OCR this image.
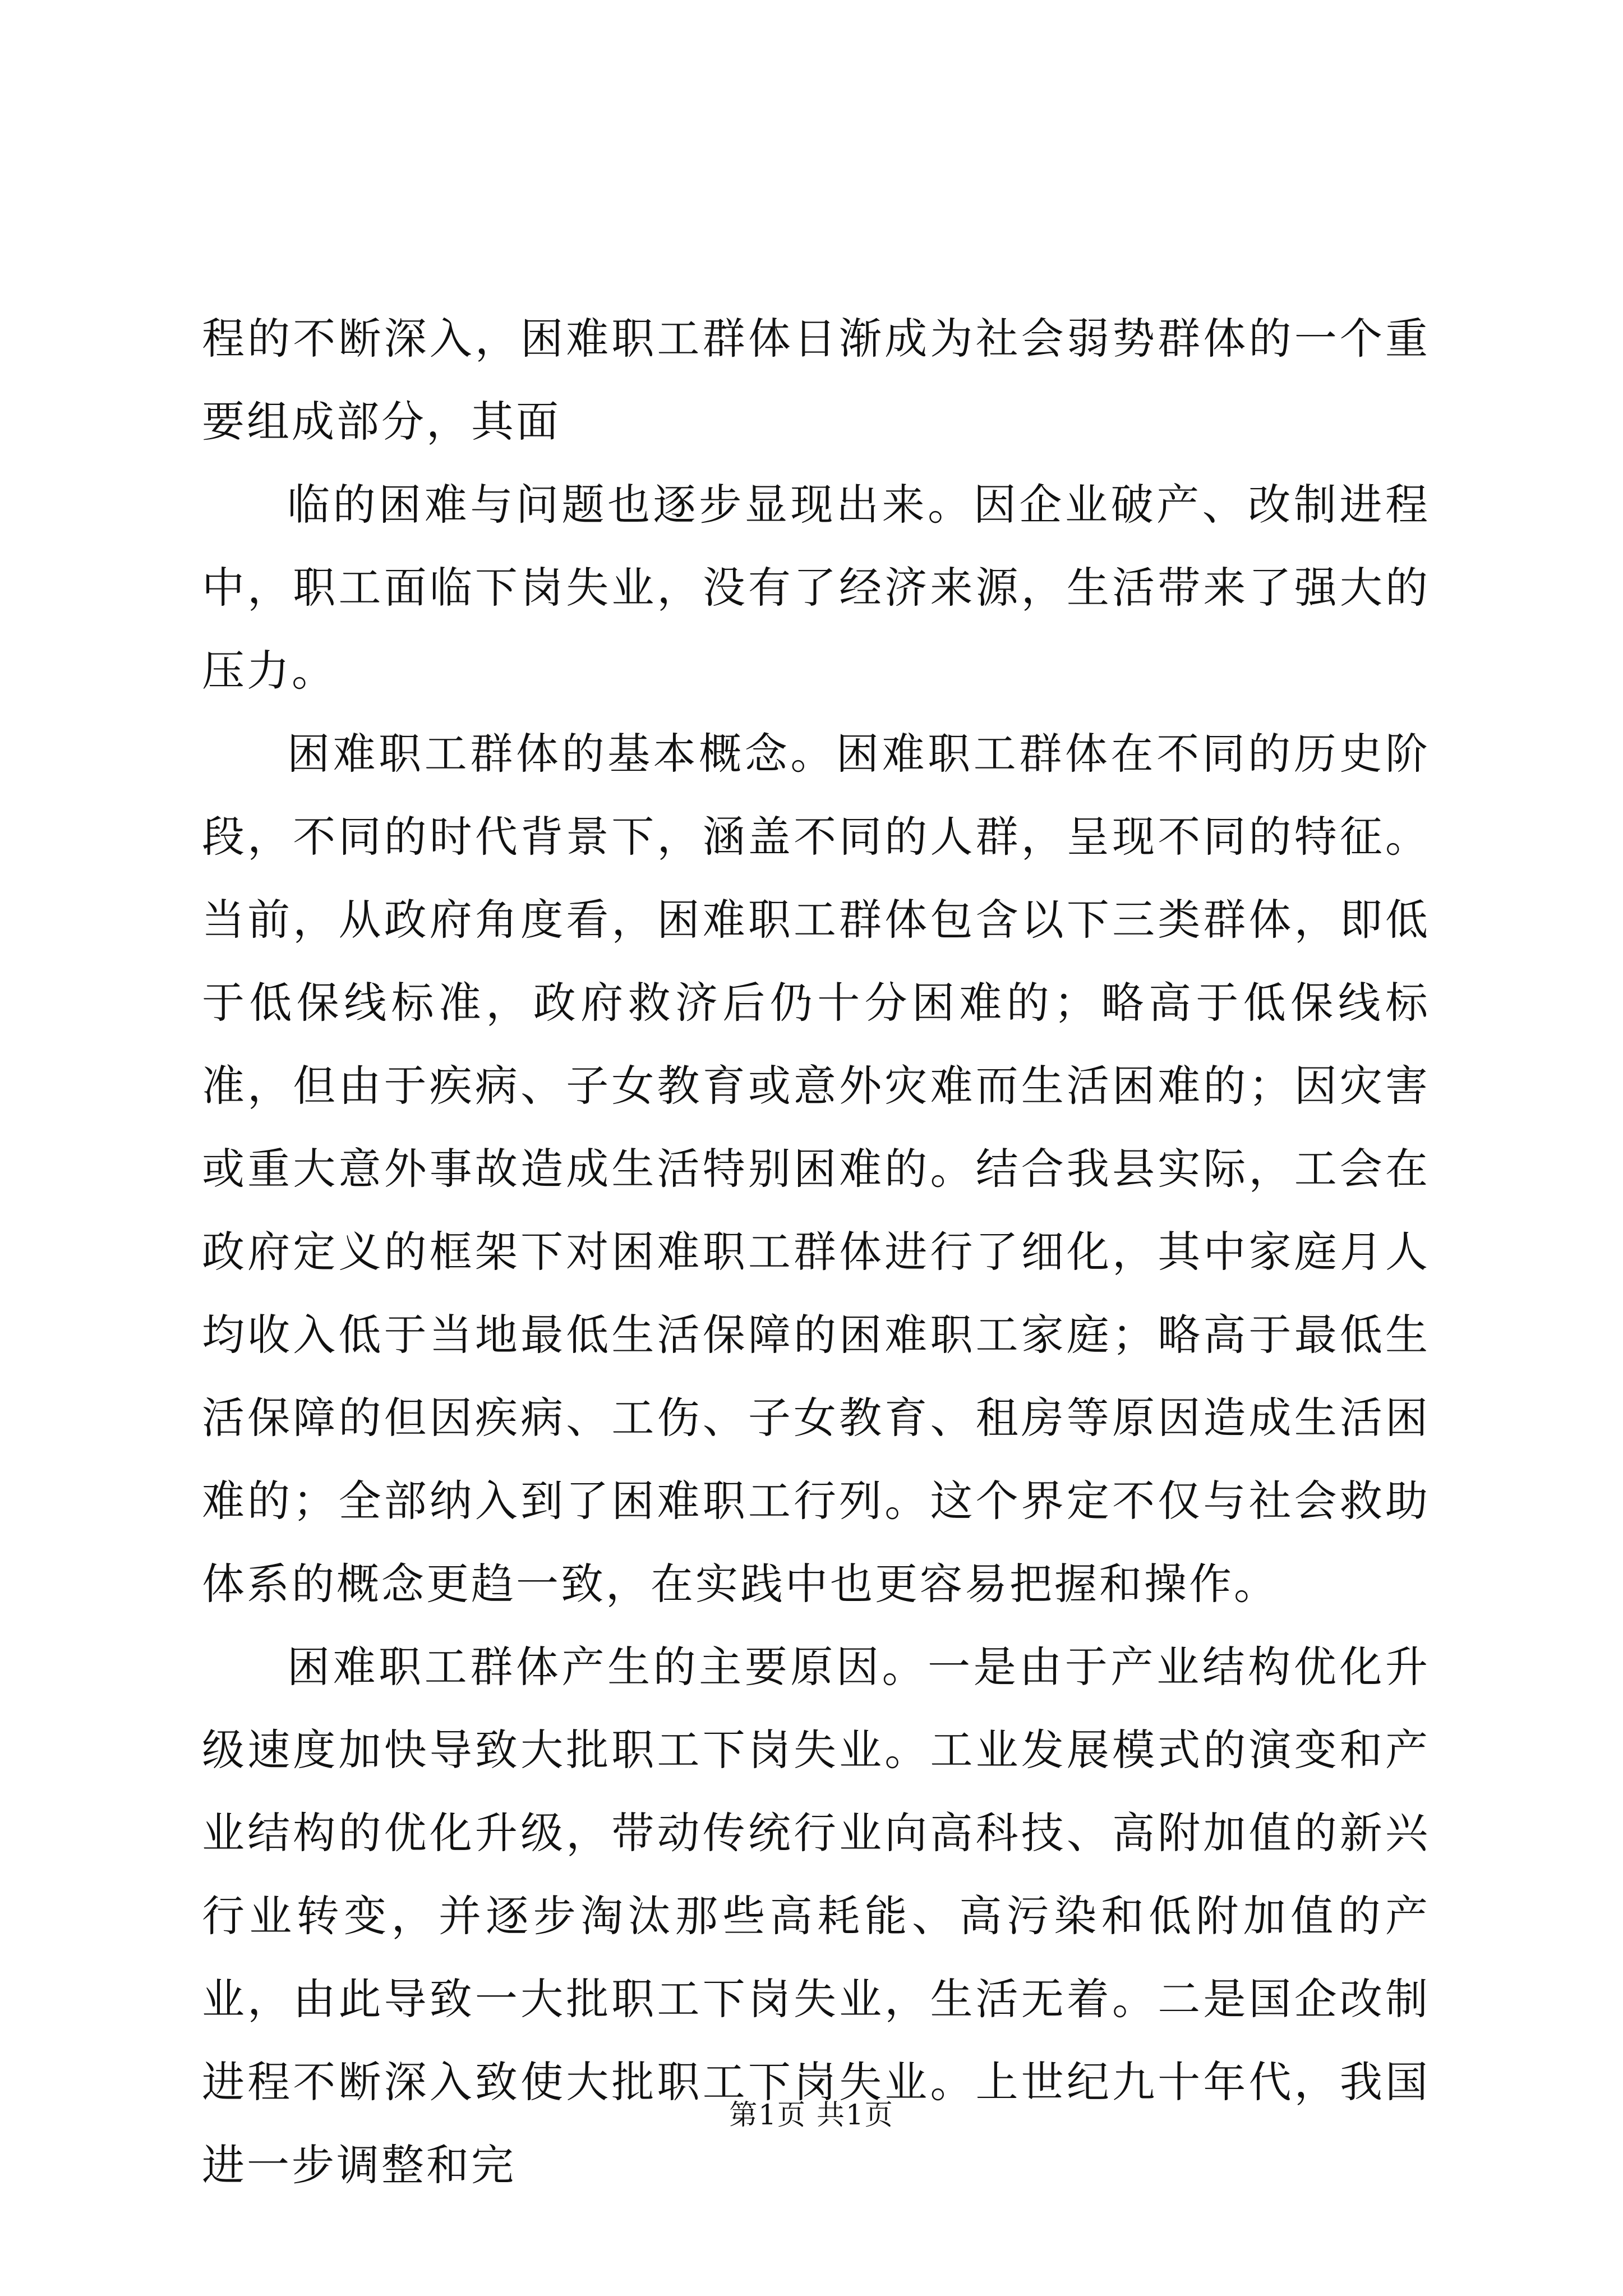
程的不断深入，困难职工群体日渐成为社会弱势群体的一个重要组成部分，其面

临的困难与问题也逐步显现出来。因企业破产、改制进程中，职工面临下岗失业，没有了经济来源，生活带来了强大的压力。

困难职工群体的基本概念。困难职工群体在不同的历史阶段，不同的时代背景下，涵盖不同的人群，呈现不同的特征。当前，从政府角度看，困难职工群体包含以下三类群体，即低于低保线标准，政府救济后仍十分困难的；略高于低保线标准，但由于疾病、子女教育或意外灾难而生活困难的；因灾害或重大意外事故造成生活特别困难的。结合我县实际，工会在政府定义的框架下对困难职工群体进行了细化，其中家庭月人均收入低于当地最低生活保障的困难职工家庭；略高于最低生活保障的但因疾病、工伤、子女教育、租房等原因造成生活困难的；全部纳入到了困难职工行列。这个界定不仅与社会救助体系的概念更趋一致，在实践中也更容易把握和操作。

困难职工群体产生的主要原因。一是由于产业结构优化升级速度加快导致大批职工下岗失业。工业发展模式的演变和产业结构的优化升级，带动传统行业向高科技、高附加值的新兴行业转变，并逐步淘汰那些高耗能、高污染和低附加值的产业，由此导致一大批职工下岗失业，生活无着。二是国企改制进程不断深入致使大批职工下岗失业。上世纪九十年代，我国进一步调整和完

第1页 共1页
